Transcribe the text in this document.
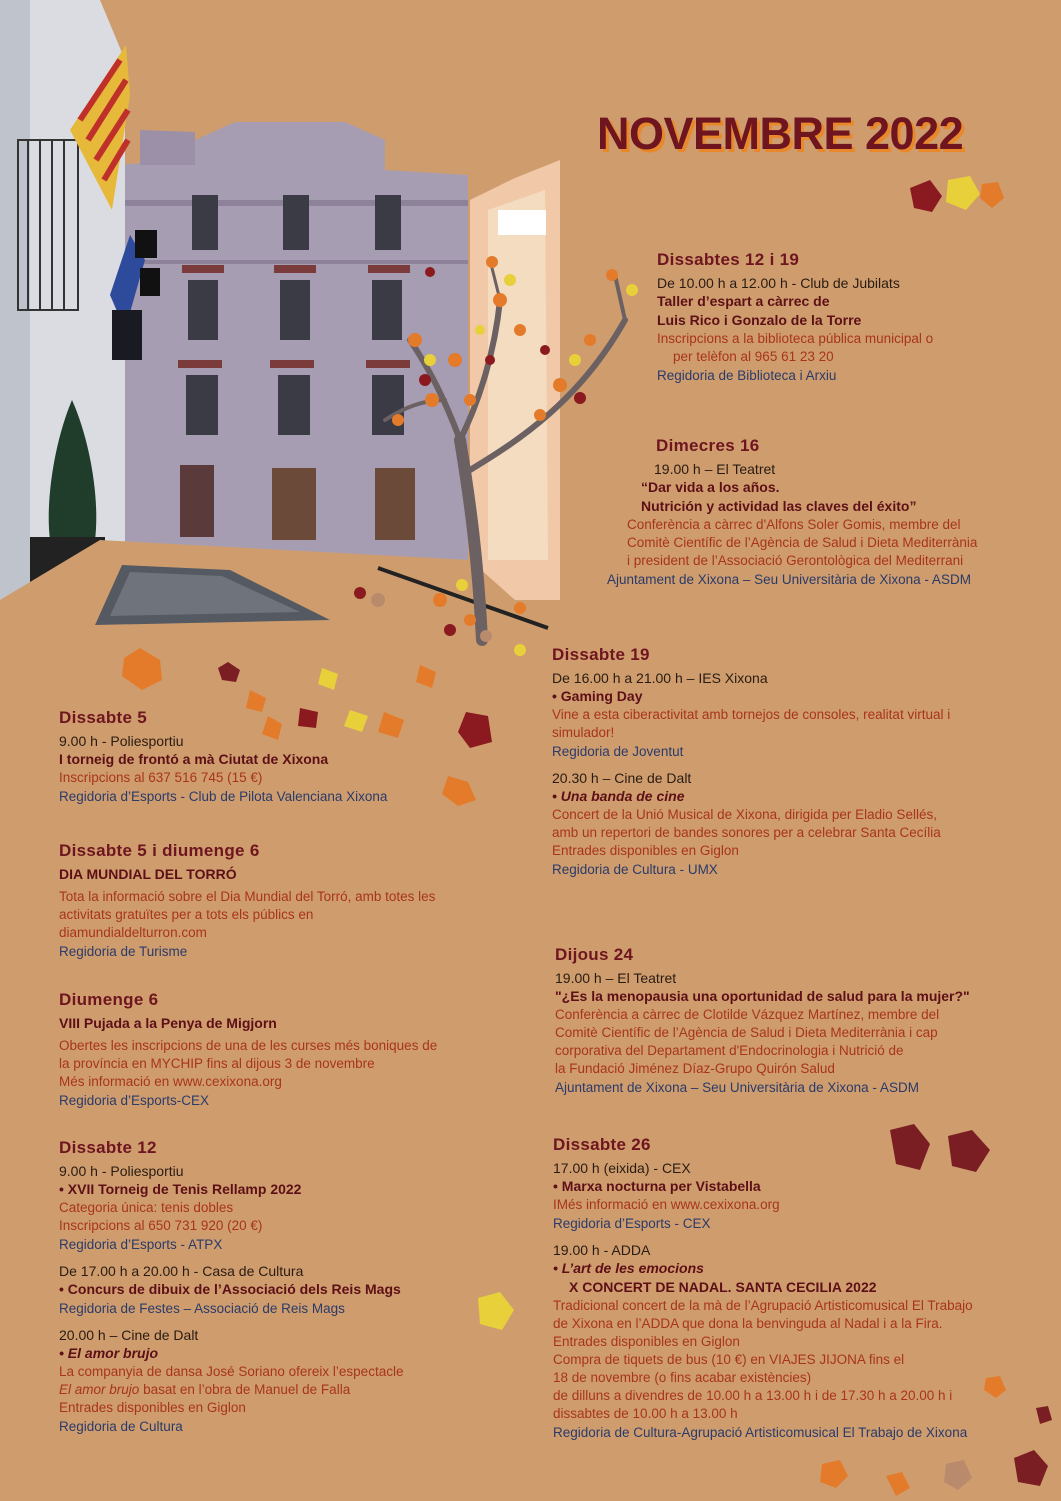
NOVEMBRE 2022
Dissabtes 12 i 19
De 10.00 h a 12.00 h - Club de Jubilats
Taller d’espart a càrrec de
Luis Rico i Gonzalo de la Torre
Inscripcions a la biblioteca pública municipal o
per telèfon al 965 61 23 20
Regidoria de Biblioteca i Arxiu
Dimecres 16
19.00 h – El Teatret
“Dar vida a los años.
Nutrición y actividad las claves del éxito”
Conferència a càrrec d'Alfons Soler Gomis, membre del
Comitè Científic de l’Agència de Salud i Dieta Mediterrània
i president de l’Associació Gerontològica del Mediterrani
Ajuntament de Xixona – Seu Universitària de Xixona - ASDM
Dissabte 5
9.00 h - Poliesportiu
I torneig de frontó a mà Ciutat de Xixona
Inscripcions al 637 516 745 (15 €)
Regidoria d’Esports - Club de Pilota Valenciana Xixona
Dissabte 5 i diumenge 6
DIA MUNDIAL DEL TORRÓ
Tota la informació sobre el Dia Mundial del Torró, amb totes les
activitats gratuïtes per a tots els públics en
diamundialdelturron.com
Regidoria de Turisme
Diumenge 6
VIII Pujada a la Penya de Migjorn
Obertes les inscripcions de una de les curses més boniques de
la província en MYCHIP fins al dijous 3 de novembre
Més informació en www.cexixona.org
Regidoria d’Esports-CEX
Dissabte 12
9.00 h - Poliesportiu
• XVII Torneig de Tenis Rellamp 2022
Categoria única: tenis dobles
Inscripcions al 650 731 920 (20 €)
Regidoria d’Esports - ATPX
De 17.00 h a 20.00 h - Casa de Cultura
• Concurs de dibuix de l’Associació dels Reis Mags
Regidoria de Festes – Associació de Reis Mags
20.00 h – Cine de Dalt
• El amor brujo
La companyia de dansa José Soriano ofereix l’espectacle
El amor brujo basat en l’obra de Manuel de Falla
Entrades disponibles en Giglon
Regidoria de Cultura
Dissabte 19
De 16.00 h a 21.00 h – IES Xixona
• Gaming Day
Vine a esta ciberactivitat amb tornejos de consoles, realitat virtual i
simulador!
Regidoria de Joventut
20.30 h – Cine de Dalt
• Una banda de cine
Concert de la Unió Musical de Xixona, dirigida per Eladio Sellés,
amb un repertori de bandes sonores per a celebrar Santa Cecília
Entrades disponibles en Giglon
Regidoria de Cultura - UMX
Dijous 24
19.00 h – El Teatret
"¿Es la menopausia una oportunidad de salud para la mujer?"
Conferència a càrrec de Clotilde Vázquez Martínez, membre del
Comitè Científic de l’Agència de Salud i Dieta Mediterrània i cap
corporativa del Departament d'Endocrinologia i Nutrició de
la Fundació Jiménez Díaz-Grupo Quirón Salud
Ajuntament de Xixona – Seu Universitària de Xixona - ASDM
Dissabte 26
17.00 h (eixida) - CEX
• Marxa nocturna per Vistabella
IMés informació en www.cexixona.org
Regidoria d’Esports - CEX
19.00 h - ADDA
• L’art de les emocions
X CONCERT DE NADAL. SANTA CECILIA 2022
Tradicional concert de la mà de l’Agrupació Artisticomusical El Trabajo
de Xixona en l’ADDA que dona la benvinguda al Nadal i a la Fira.
Entrades disponibles en Giglon
Compra de tiquets de bus (10 €) en VIAJES JIJONA fins el
18 de novembre (o fins acabar existències)
de dilluns a divendres de 10.00 h a 13.00 h i de 17.30 h a 20.00 h i
dissabtes de 10.00 h a 13.00 h
Regidoria de Cultura-Agrupació Artisticomusical El Trabajo de Xixona
